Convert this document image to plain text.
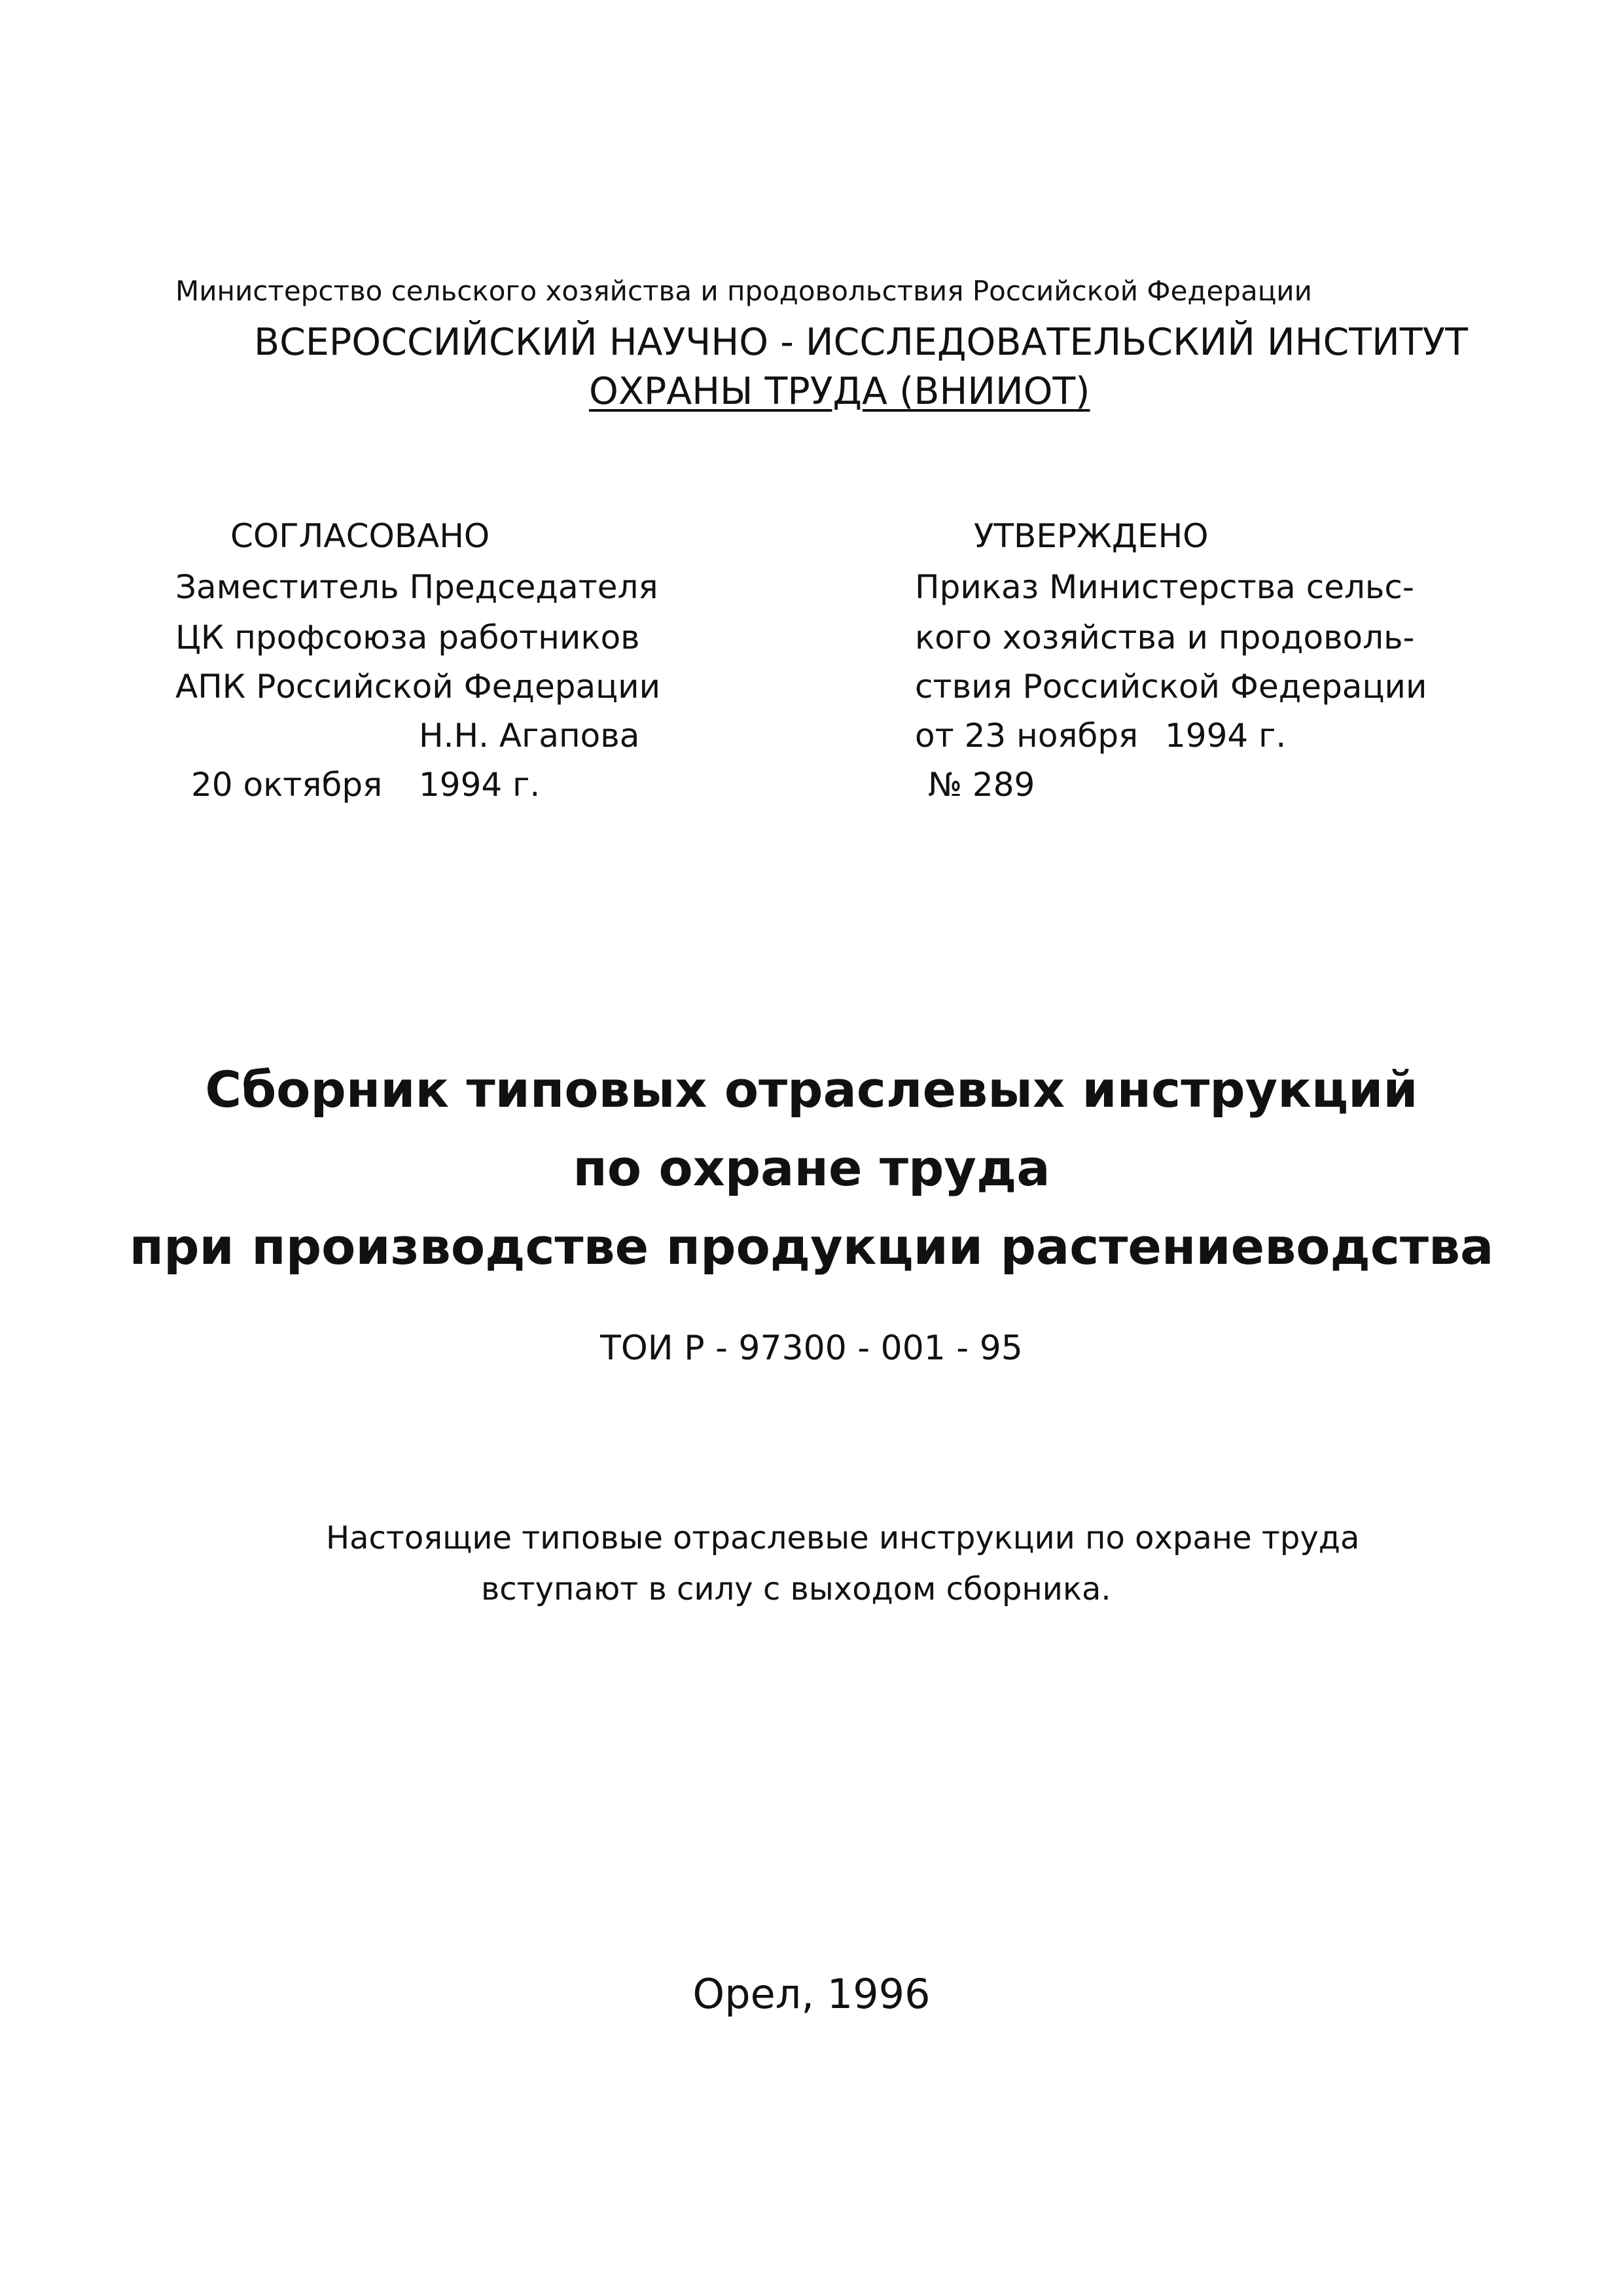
Министерство сельского хозяйства и продовольствия Российской Федерации
ВСЕРОССИЙСКИЙ НАУЧНО - ИССЛЕДОВАТЕЛЬСКИЙ ИНСТИТУТ
ОХРАНЫ ТРУДА (ВНИИОТ)
СОГЛАСОВАНО
Заместитель Председателя
ЦК профсоюза работников
АПК Российской Федерации
Н.Н. Агапова
20 октября 1994 г.
УТВЕРЖДЕНО
Приказ Министерства сельс-
кого хозяйства и продоволь-
ствия Российской Федерации
от 23 ноября 1994 г.
№ 289
Сборник типовых отраслевых инструкций
по охране труда
при производстве продукции растениеводства
ТОИ Р - 97300 - 001 - 95
Настоящие типовые отраслевые инструкции по охране труда
вступают в силу с выходом сборника.
Орел, 1996
